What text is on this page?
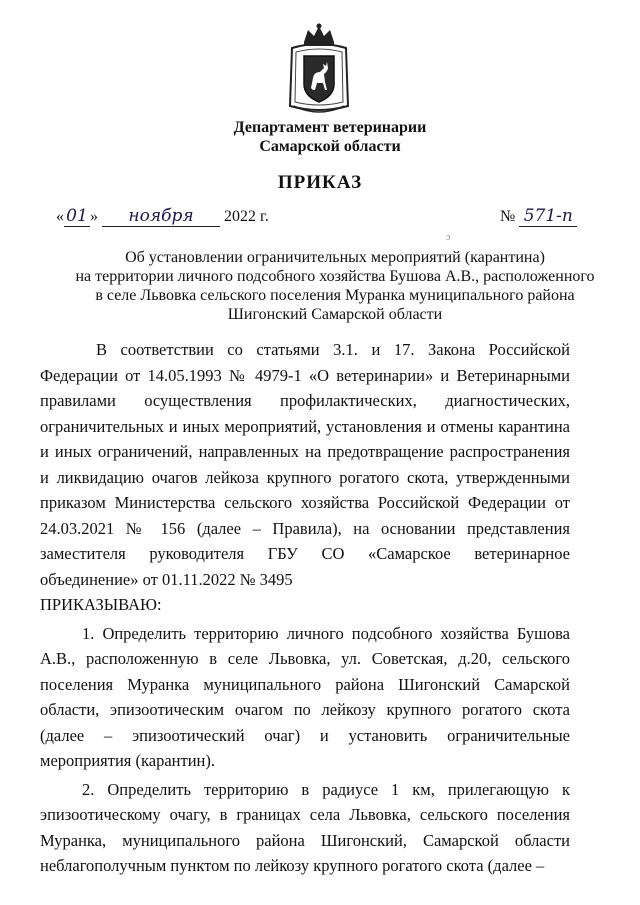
Департамент ветеринарии
Самарской области
ПРИКАЗ
« 01 » ноября 2022 г.	№ 571-п
ɔ
Об установлении ограничительных мероприятий (карантина)
на территории личного подсобного хозяйства Бушова А.В., расположенного
в селе Львовка сельского поселения Муранка муниципального района
Шигонский Самарской области

В соответствии со статьями 3.1. и 17. Закона Российской Федерации от 14.05.1993 № 4979-1 «О ветеринарии» и Ветеринарными правилами осуществления профилактических, диагностических, ограничительных и иных мероприятий, установления и отмены карантина и иных ограничений, направленных на предотвращение распространения и ликвидацию очагов лейкоза крупного рогатого скота, утвержденными приказом Министерства сельского хозяйства Российской Федерации от 24.03.2021 № 156 (далее – Правила), на основании представления заместителя руководителя ГБУ СО «Самарское ветеринарное объединение» от 01.11.2022 № 3495

ПРИКАЗЫВАЮ:

1. Определить территорию личного подсобного хозяйства Бушова А.В., расположенную в селе Львовка, ул. Советская, д.20, сельского поселения Муранка муниципального района Шигонский Самарской области, эпизоотическим очагом по лейкозу крупного рогатого скота (далее – эпизоотический очаг) и установить ограничительные мероприятия (карантин).

2. Определить территорию в радиусе 1 км, прилегающую к эпизоотическому очагу, в границах села Львовка, сельского поселения Муранка, муниципального района Шигонский, Самарской области неблагополучным пунктом по лейкозу крупного рогатого скота (далее –
